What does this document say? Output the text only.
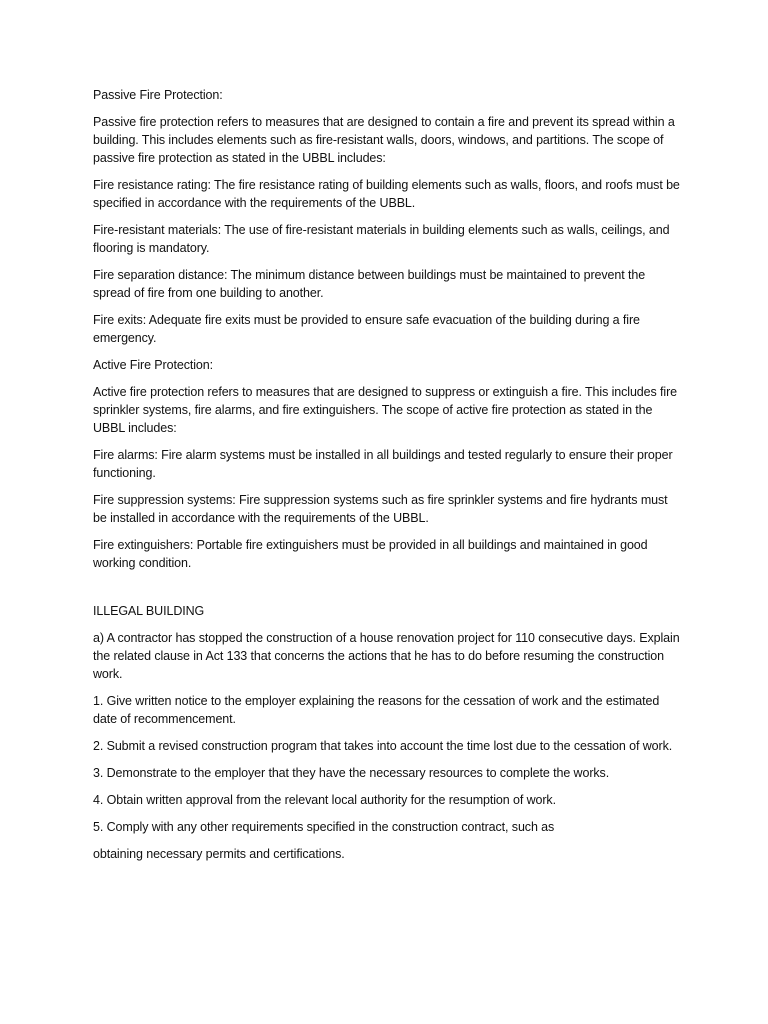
Passive Fire Protection:

Passive fire protection refers to measures that are designed to contain a fire and prevent its spread within a building. This includes elements such as fire-resistant walls, doors, windows, and partitions. The scope of passive fire protection as stated in the UBBL includes:

Fire resistance rating: The fire resistance rating of building elements such as walls, floors, and roofs must be specified in accordance with the requirements of the UBBL.

Fire-resistant materials: The use of fire-resistant materials in building elements such as walls, ceilings, and flooring is mandatory.

Fire separation distance: The minimum distance between buildings must be maintained to prevent the spread of fire from one building to another.

Fire exits: Adequate fire exits must be provided to ensure safe evacuation of the building during a fire emergency.

Active Fire Protection:

Active fire protection refers to measures that are designed to suppress or extinguish a fire. This includes fire sprinkler systems, fire alarms, and fire extinguishers. The scope of active fire protection as stated in the UBBL includes:

Fire alarms: Fire alarm systems must be installed in all buildings and tested regularly to ensure their proper functioning.

Fire suppression systems: Fire suppression systems such as fire sprinkler systems and fire hydrants must be installed in accordance with the requirements of the UBBL.

Fire extinguishers: Portable fire extinguishers must be provided in all buildings and maintained in good working condition.

ILLEGAL BUILDING

a) A contractor has stopped the construction of a house renovation project for 110 consecutive days. Explain the related clause in Act 133 that concerns the actions that he has to do before resuming the construction work.

1. Give written notice to the employer explaining the reasons for the cessation of work and the estimated date of recommencement.

2. Submit a revised construction program that takes into account the time lost due to the cessation of work.

3. Demonstrate to the employer that they have the necessary resources to complete the works.

4. Obtain written approval from the relevant local authority for the resumption of work.

5. Comply with any other requirements specified in the construction contract, such as

obtaining necessary permits and certifications.
